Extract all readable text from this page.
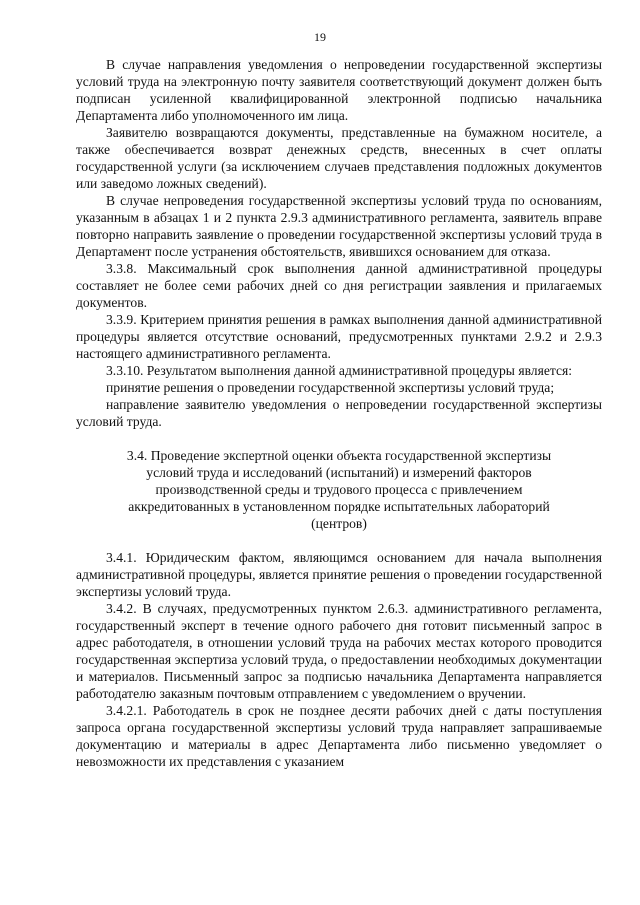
19

В случае направления уведомления о непроведении государственной экспертизы условий труда на электронную почту заявителя соответствующий документ должен быть подписан усиленной квалифицированной электронной подписью начальника Департамента либо уполномоченного им лица.

Заявителю возвращаются документы, представленные на бумажном носителе, а также обеспечивается возврат денежных средств, внесенных в счет оплаты государственной услуги (за исключением случаев представления подложных документов или заведомо ложных сведений).

В случае непроведения государственной экспертизы условий труда по основаниям, указанным в абзацах 1 и 2 пункта 2.9.3 административного регламента, заявитель вправе повторно направить заявление о проведении государственной экспертизы условий труда в Департамент после устранения обстоятельств, явившихся основанием для отказа.

3.3.8. Максимальный срок выполнения данной административной процедуры составляет не более семи рабочих дней со дня регистрации заявления и прилагаемых документов.

3.3.9. Критерием принятия решения в рамках выполнения данной административной процедуры является отсутствие оснований, предусмотренных пунктами 2.9.2 и 2.9.3 настоящего административного регламента.

3.3.10. Результатом выполнения данной административной процедуры является:

принятие решения о проведении государственной экспертизы условий труда;

направление заявителю уведомления о непроведении государственной экспертизы условий труда.

3.4. Проведение экспертной оценки объекта государственной экспертизы условий труда и исследований (испытаний) и измерений факторов производственной среды и трудового процесса с привлечением аккредитованных в установленном порядке испытательных лабораторий (центров)

3.4.1. Юридическим фактом, являющимся основанием для начала выполнения административной процедуры, является принятие решения о проведении государственной экспертизы условий труда.

3.4.2. В случаях, предусмотренных пунктом 2.6.3. административного регламента, государственный эксперт в течение одного рабочего дня готовит письменный запрос в адрес работодателя, в отношении условий труда на рабочих местах которого проводится государственная экспертиза условий труда, о предоставлении необходимых документации и материалов. Письменный запрос за подписью начальника Департамента направляется работодателю заказным почтовым отправлением с уведомлением о вручении.

3.4.2.1. Работодатель в срок не позднее десяти рабочих дней с даты поступления запроса органа государственной экспертизы условий труда направляет запрашиваемые документацию и материалы в адрес Департамента либо письменно уведомляет о невозможности их представления с указанием
